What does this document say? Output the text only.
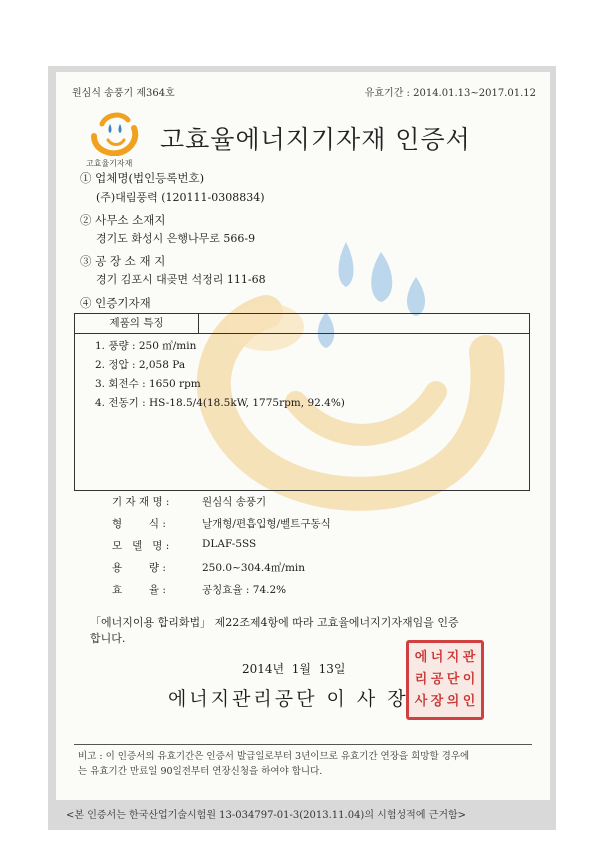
원심식 송풍기 제364호	유효기간 : 2014.01.13~2017.01.12
고효율기자재
고효율에너지기자재 인증서
① 업체명(법인등록번호)
(주)대림풍력 (120111-0308834)
② 사무소 소재지
경기도 화성시 은행나무로 566-9
③ 공 장 소 재 지
경기 김포시 대곶면 석정리 111-68
④ 인증기자재
제품의 특징
1. 풍량 : 250 ㎥/min
2. 정압 : 2,058 Pa
3. 회전수 : 1650 rpm
4. 전동기 : HS-18.5/4(18.5kW, 1775rpm, 92.4%)
기 자 재 명 :	원심식 송풍기
형        식 :	날개형/편흡입형/벨트구동식
모   델   명 :	DLAF-5SS
용        량 :	250.0~304.4㎥/min
효        율 :	공칭효율 : 74.2%
「에너지이용 합리화법」 제22조제4항에 따라 고효율에너지기자재임을 인증
합니다.
2014년  1월  13일
에너지관리공단 이 사 장
에 너 지 관
리 공 단 이
사 장 의 인
비고 : 이 인증서의 유효기간은 인증서 발급일로부터 3년이므로 유효기간 연장을 희망할 경우에
는 유효기간 만료일 90일전부터 연장신청을 하여야 합니다.
<본 인증서는 한국산업기술시험원 13-034797-01-3(2013.11.04)의 시험성적에 근거함>
